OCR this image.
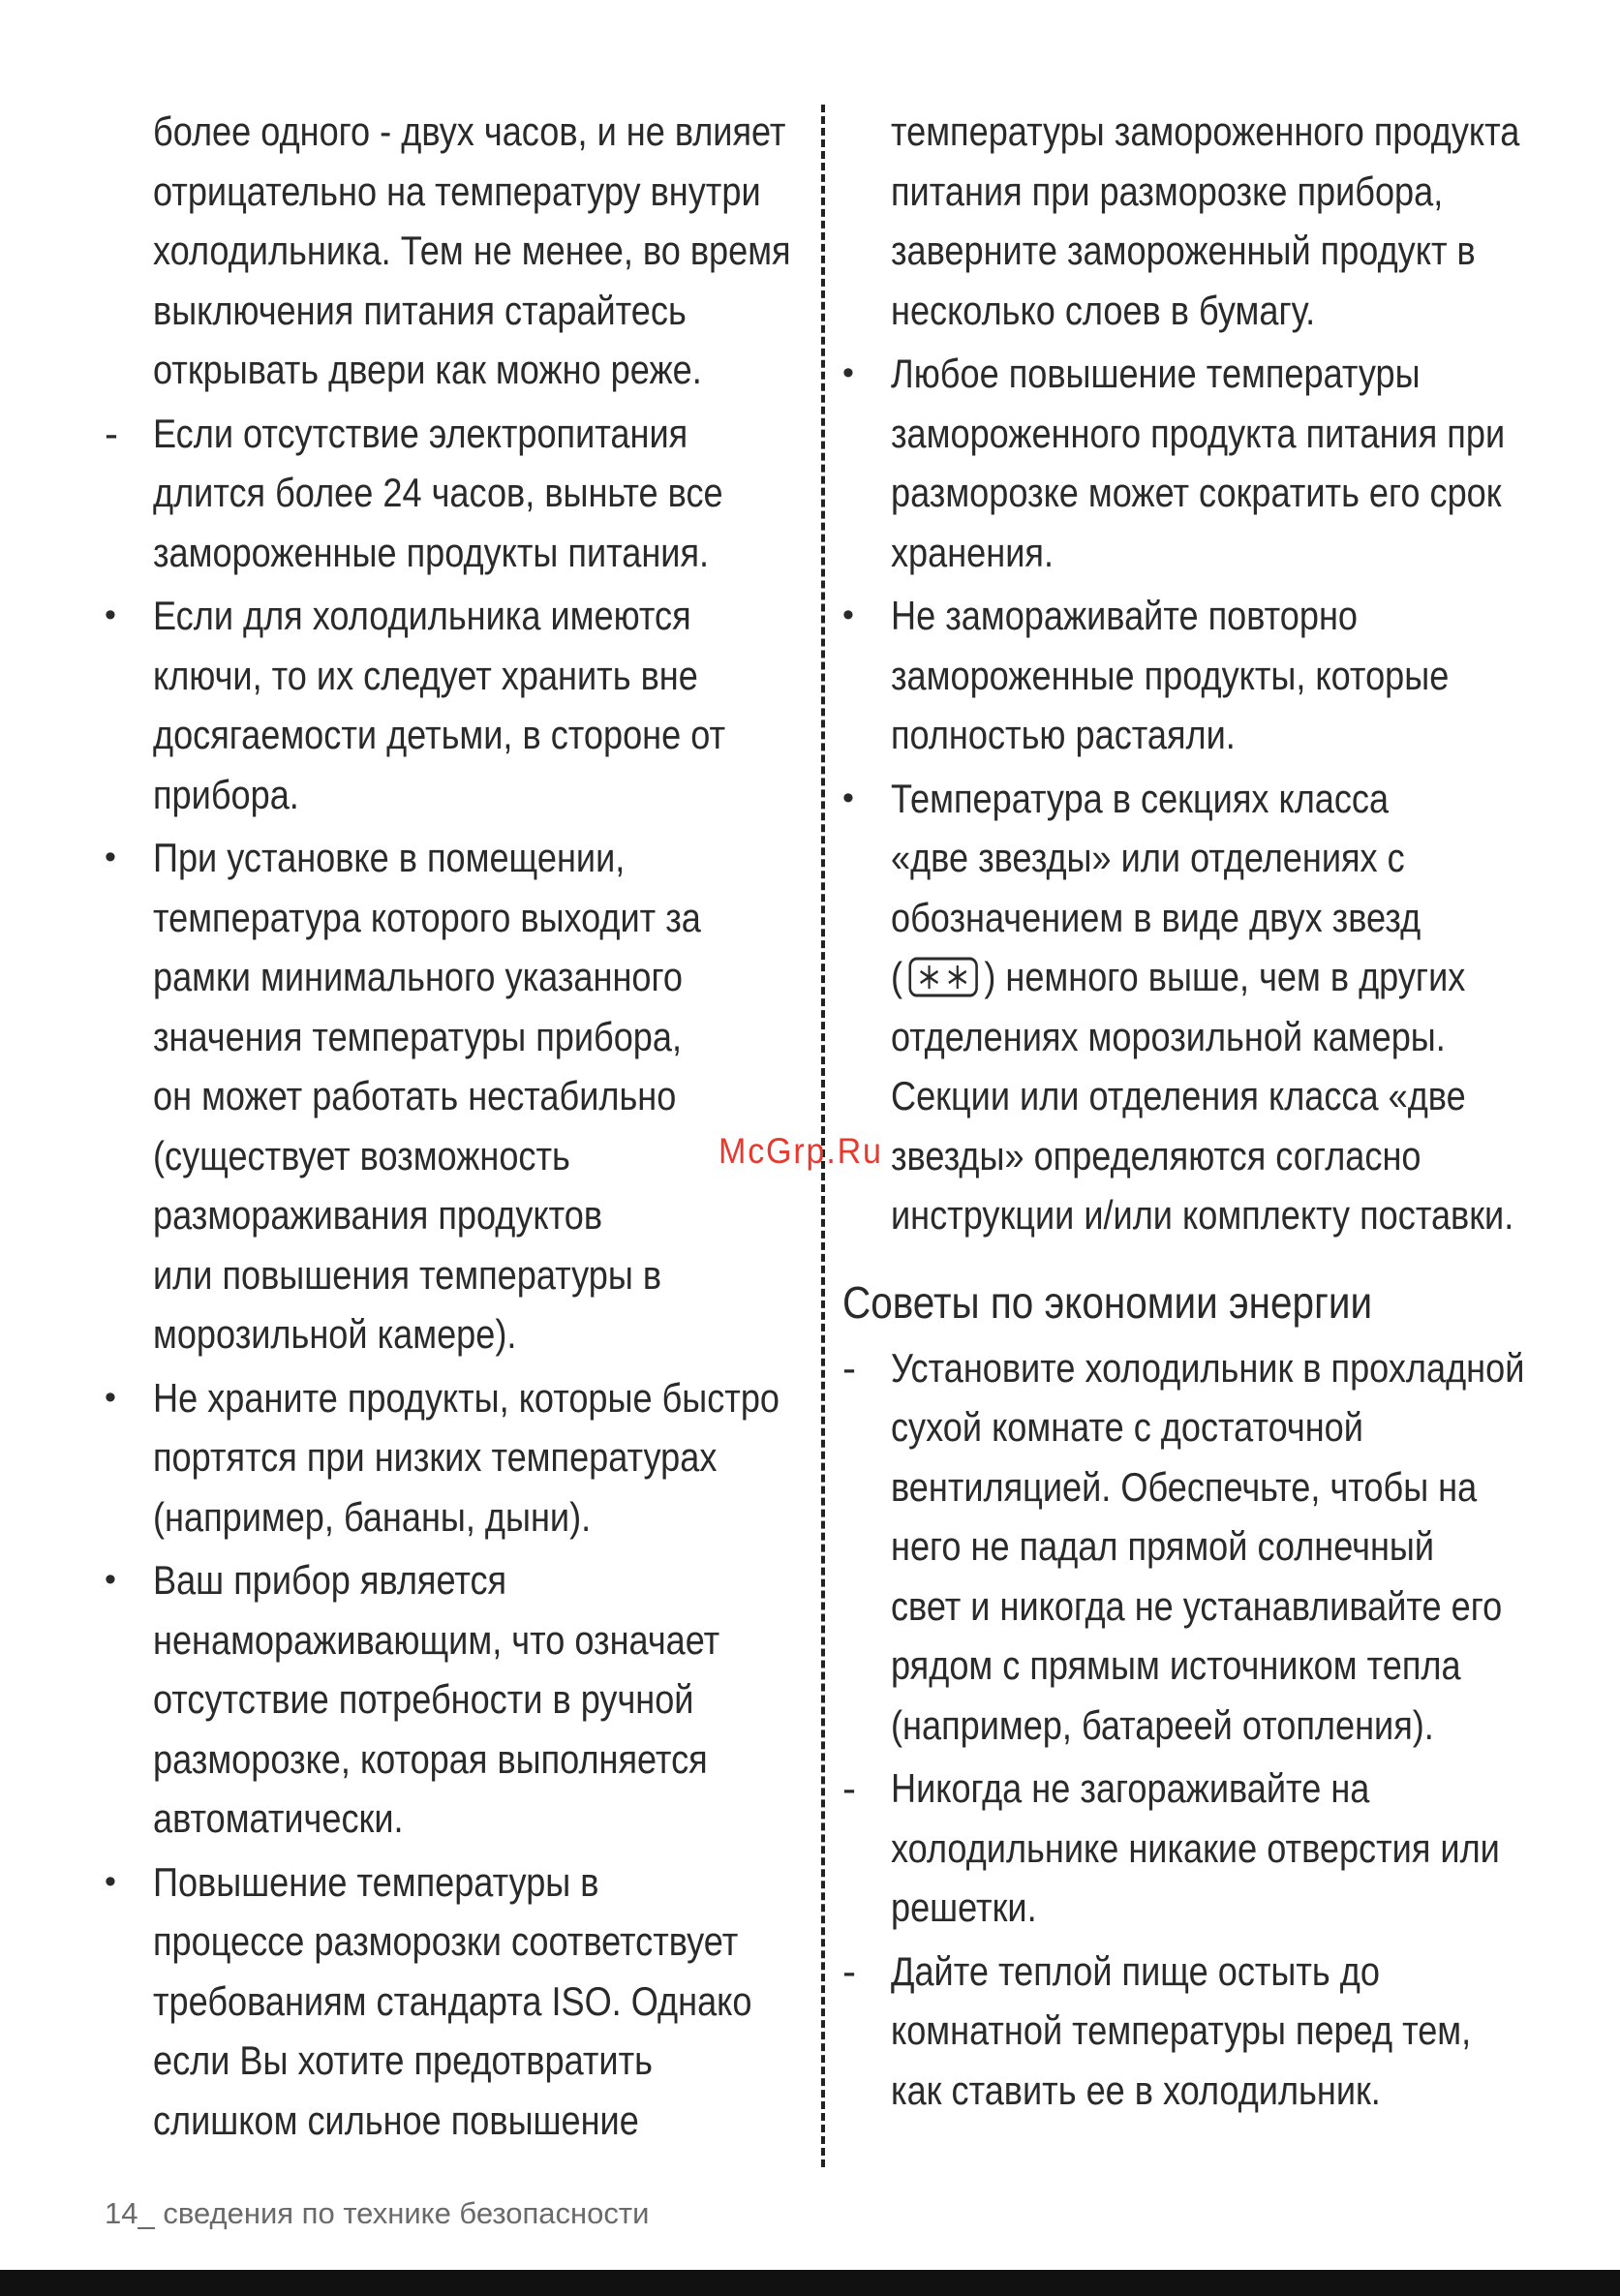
более одного - двух часов, и не влияет
отрицательно на температуру внутри
холодильника. Тем не менее, во время
выключения питания старайтесь
открывать двери как можно реже.
- Если отсутствие электропитания
длится более 24 часов, выньте все
замороженные продукты питания.
• Если для холодильника имеются
ключи, то их следует хранить вне
досягаемости детьми, в стороне от
прибора.
• При установке в помещении,
температура которого выходит за
рамки минимального указанного
значения температуры прибора,
он может работать нестабильно
(существует возможность
размораживания продуктов
или повышения температуры в
морозильной камере).
• Не храните продукты, которые быстро
портятся при низких температурах
(например, бананы, дыни).
• Ваш прибор является
ненамораживающим, что означает
отсутствие потребности в ручной
разморозке, которая выполняется
автоматически.
• Повышение температуры в
процессе разморозки соответствует
требованиям стандарта ISO. Однако
если Вы хотите предотвратить
слишком сильное повышение
температуры замороженного продукта
питания при разморозке прибора,
заверните замороженный продукт в
несколько слоев в бумагу.
• Любое повышение температуры
замороженного продукта питания при
разморозке может сократить его срок
хранения.
• Не замораживайте повторно
замороженные продукты, которые
полностью растаяли.
• Температура в секциях класса
«две звезды» или отделениях с
обозначением в виде двух звезд
( ) немного выше, чем в других
отделениях морозильной камеры.
Секции или отделения класса «две
звезды» определяются согласно
инструкции и/или комплекту поставки.
Советы по экономии энергии
- Установите холодильник в прохладной
сухой комнате с достаточной
вентиляцией. Обеспечьте, чтобы на
него не падал прямой солнечный
свет и никогда не устанавливайте его
рядом с прямым источником тепла
(например, батареей отопления).
- Никогда не загораживайте на
холодильнике никакие отверстия или
решетки.
- Дайте теплой пище остыть до
комнатной температуры перед тем,
как ставить ее в холодильник.
McGrp.Ru
14_ сведения по технике безопасности
